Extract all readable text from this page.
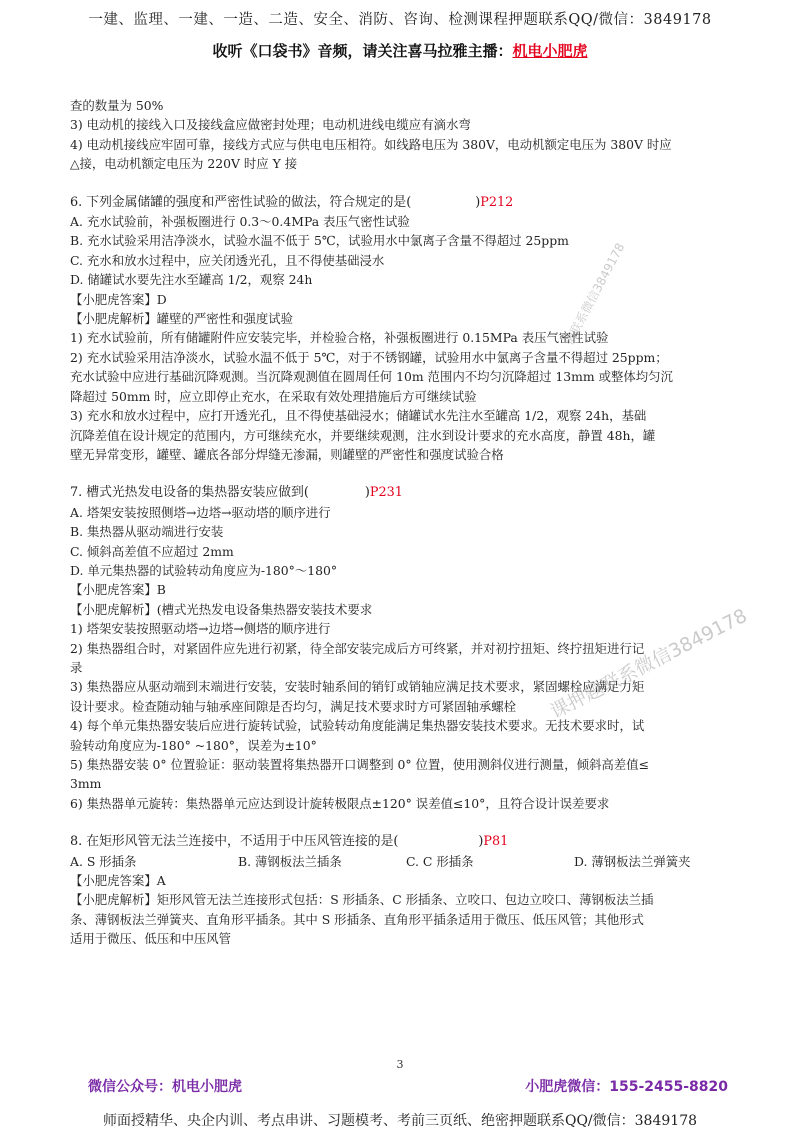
一建、监理、一建、一造、二造、安全、消防、咨询、检测课程押题联系QQ/微信：3849178
收听《口袋书》音频，请关注喜马拉雅主播：机电小肥虎

查的数量为 50%

3) 电动机的接线入口及接线盒应做密封处理；电动机进线电缆应有滴水弯

4) 电动机接线应牢固可靠，接线方式应与供电电压相符。如线路电压为 380V，电动机额定电压为 380V 时应

△接，电动机额定电压为 220V 时应 Y 接

6. 下列金属储罐的强度和严密性试验的做法，符合规定的是(	)P212

A. 充水试验前，补强板圈进行 0.3～0.4MPa 表压气密性试验

B. 充水试验采用洁净淡水，试验水温不低于 5℃，试验用水中氯离子含量不得超过 25ppm

C. 充水和放水过程中，应关闭透光孔，且不得使基础浸水

D. 储罐试水要先注水至罐高 1/2，观察 24h

【小肥虎答案】D

【小肥虎解析】罐壁的严密性和强度试验

1) 充水试验前，所有储罐附件应安装完毕，并检验合格，补强板圈进行 0.15MPa 表压气密性试验

2) 充水试验采用洁净淡水，试验水温不低于 5℃，对于不锈钢罐，试验用水中氯离子含量不得超过 25ppm；

充水试验中应进行基础沉降观测。当沉降观测值在圆周任何 10m 范围内不均匀沉降超过 13mm 或整体均匀沉

降超过 50mm 时，应立即停止充水，在采取有效处理措施后方可继续试验

3) 充水和放水过程中，应打开透光孔，且不得使基础浸水；储罐试水先注水至罐高 1/2，观察 24h，基础

沉降差值在设计规定的范围内，方可继续充水，并要继续观测，注水到设计要求的充水高度，静置 48h，罐

壁无异常变形，罐壁、罐底各部分焊缝无渗漏，则罐壁的严密性和强度试验合格

7. 槽式光热发电设备的集热器安装应做到(	)P231

A. 塔架安装按照侧塔→边塔→驱动塔的顺序进行

B. 集热器从驱动端进行安装

C. 倾斜高差值不应超过 2mm

D. 单元集热器的试验转动角度应为-180°～180°

【小肥虎答案】B

【小肥虎解析】(槽式光热发电设备集热器安装技术要求

1) 塔架安装按照驱动塔→边塔→侧塔的顺序进行

2) 集热器组合时，对紧固件应先进行初紧，待全部安装完成后方可终紧，并对初拧扭矩、终拧扭矩进行记

录

3) 集热器应从驱动端到末端进行安装，安装时轴系间的销钉或销轴应满足技术要求，紧固螺栓应满足力矩

设计要求。检查随动轴与轴承座间隙是否均匀，满足技术要求时方可紧固轴承螺栓

4) 每个单元集热器安装后应进行旋转试验，试验转动角度能满足集热器安装技术要求。无技术要求时，试

验转动角度应为-180° ~180°，误差为±10°

5) 集热器安装 0° 位置验证：驱动装置将集热器开口调整到 0° 位置，使用测斜仪进行测量，倾斜高差值≤

3mm

6) 集热器单元旋转：集热器单元应达到设计旋转极限点±120° 误差值≤10°，且符合设计误差要求

8. 在矩形风管无法兰连接中，不适用于中压风管连接的是(	)P81

A. S 形插条	B. 薄钢板法兰插条	C. C 形插条	D. 薄钢板法兰弹簧夹

【小肥虎答案】A

【小肥虎解析】矩形风管无法兰连接形式包括：S 形插条、C 形插条、立咬口、包边立咬口、薄钢板法兰插

条、薄钢板法兰弹簧夹、直角形平插条。其中 S 形插条、直角形平插条适用于微压、低压风管；其他形式

适用于微压、低压和中压风管

请联系微信3849178
课押题联系微信3849178
3
微信公众号：机电小肥虎	小肥虎微信：155-2455-8820
师面授精华、央企内训、考点串讲、习题模考、考前三页纸、绝密押题联系QQ/微信：3849178
